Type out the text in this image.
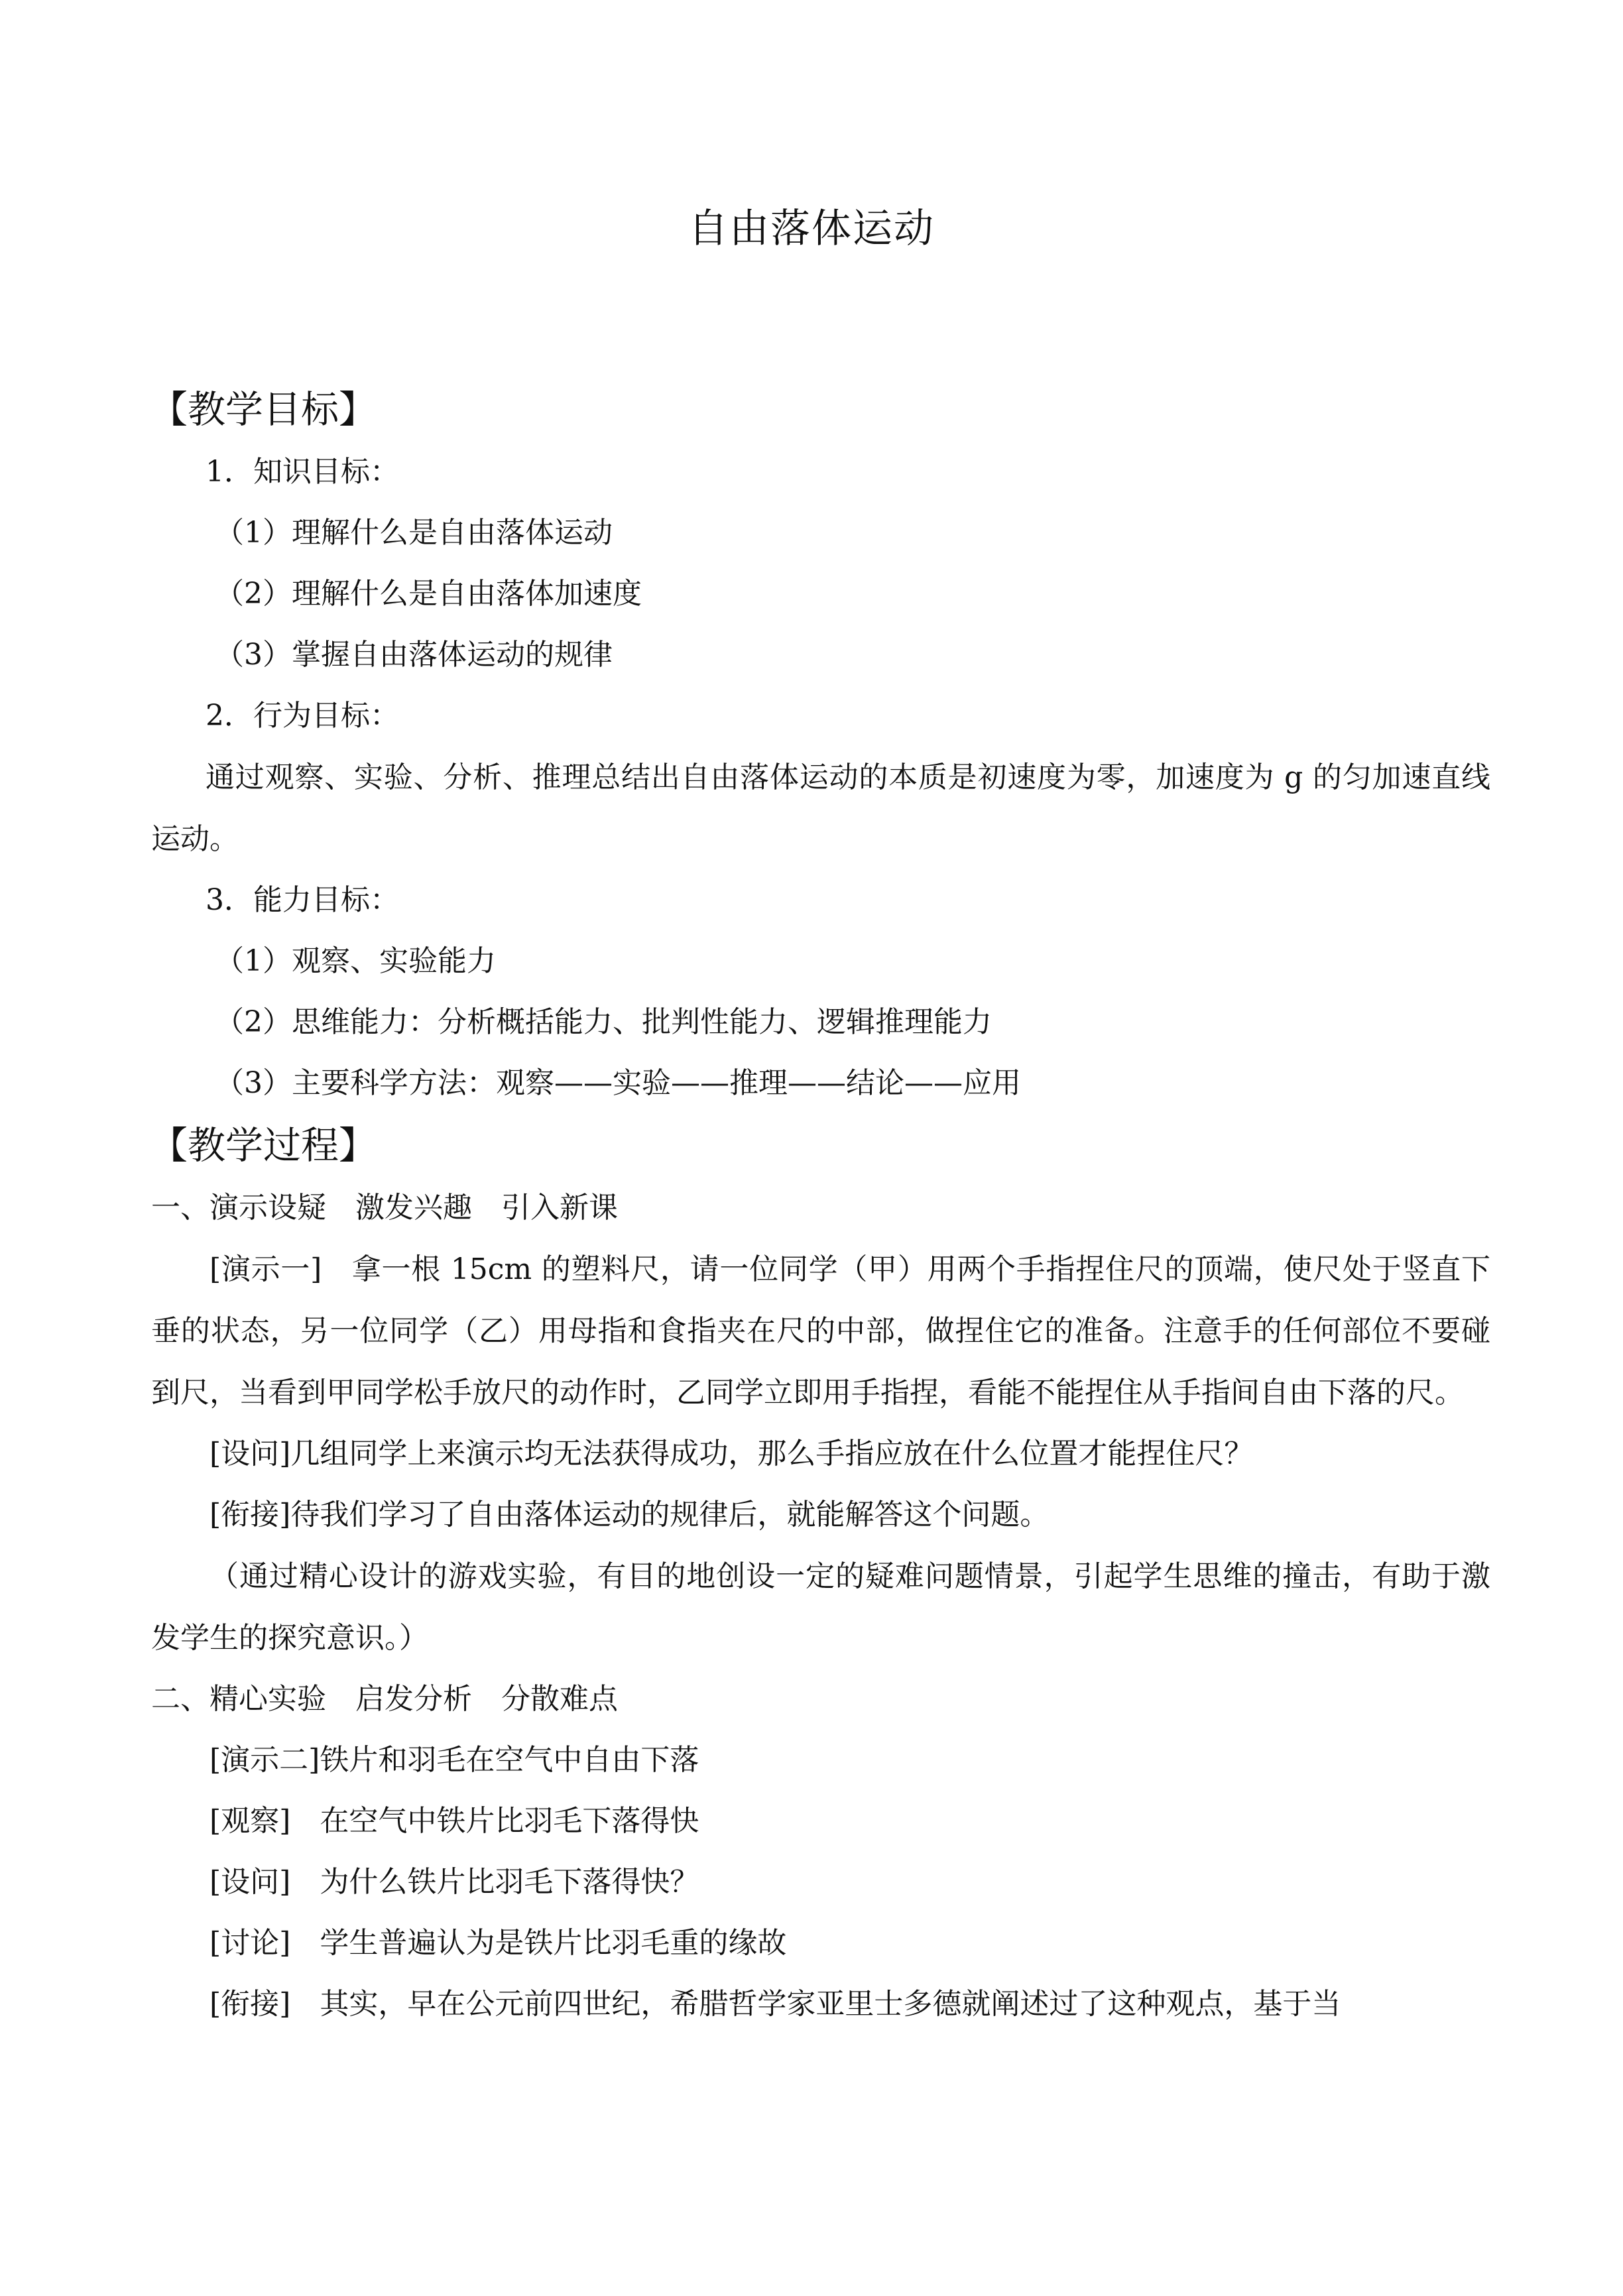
自由落体运动
【教学目标】
1．知识目标：
（1）理解什么是自由落体运动
（2）理解什么是自由落体加速度
（3）掌握自由落体运动的规律
2．行为目标：

通过观察、实验、分析、推理总结出自由落体运动的本质是初速度为零，加速度为 g 的匀加速直线运动。

3．能力目标：
（1）观察、实验能力
（2）思维能力：分析概括能力、批判性能力、逻辑推理能力
（3）主要科学方法：观察——实验——推理——结论——应用
【教学过程】
一、演示设疑　激发兴趣　引入新课

[演示一]　拿一根 15cm 的塑料尺，请一位同学（甲）用两个手指捏住尺的顶端，使尺处于竖直下垂的状态，另一位同学（乙）用母指和食指夹在尺的中部，做捏住它的准备。注意手的任何部位不要碰到尺，当看到甲同学松手放尺的动作时，乙同学立即用手指捏，看能不能捏住从手指间自由下落的尺。

[设问]几组同学上来演示均无法获得成功，那么手指应放在什么位置才能捏住尺？
[衔接]待我们学习了自由落体运动的规律后，就能解答这个问题。

（通过精心设计的游戏实验，有目的地创设一定的疑难问题情景，引起学生思维的撞击，有助于激发学生的探究意识。）

二、精心实验　启发分析　分散难点
[演示二]铁片和羽毛在空气中自由下落
[观察]　在空气中铁片比羽毛下落得快
[设问]　为什么铁片比羽毛下落得快？
[讨论]　学生普遍认为是铁片比羽毛重的缘故
[衔接]　其实，早在公元前四世纪，希腊哲学家亚里士多德就阐述过了这种观点，基于当
